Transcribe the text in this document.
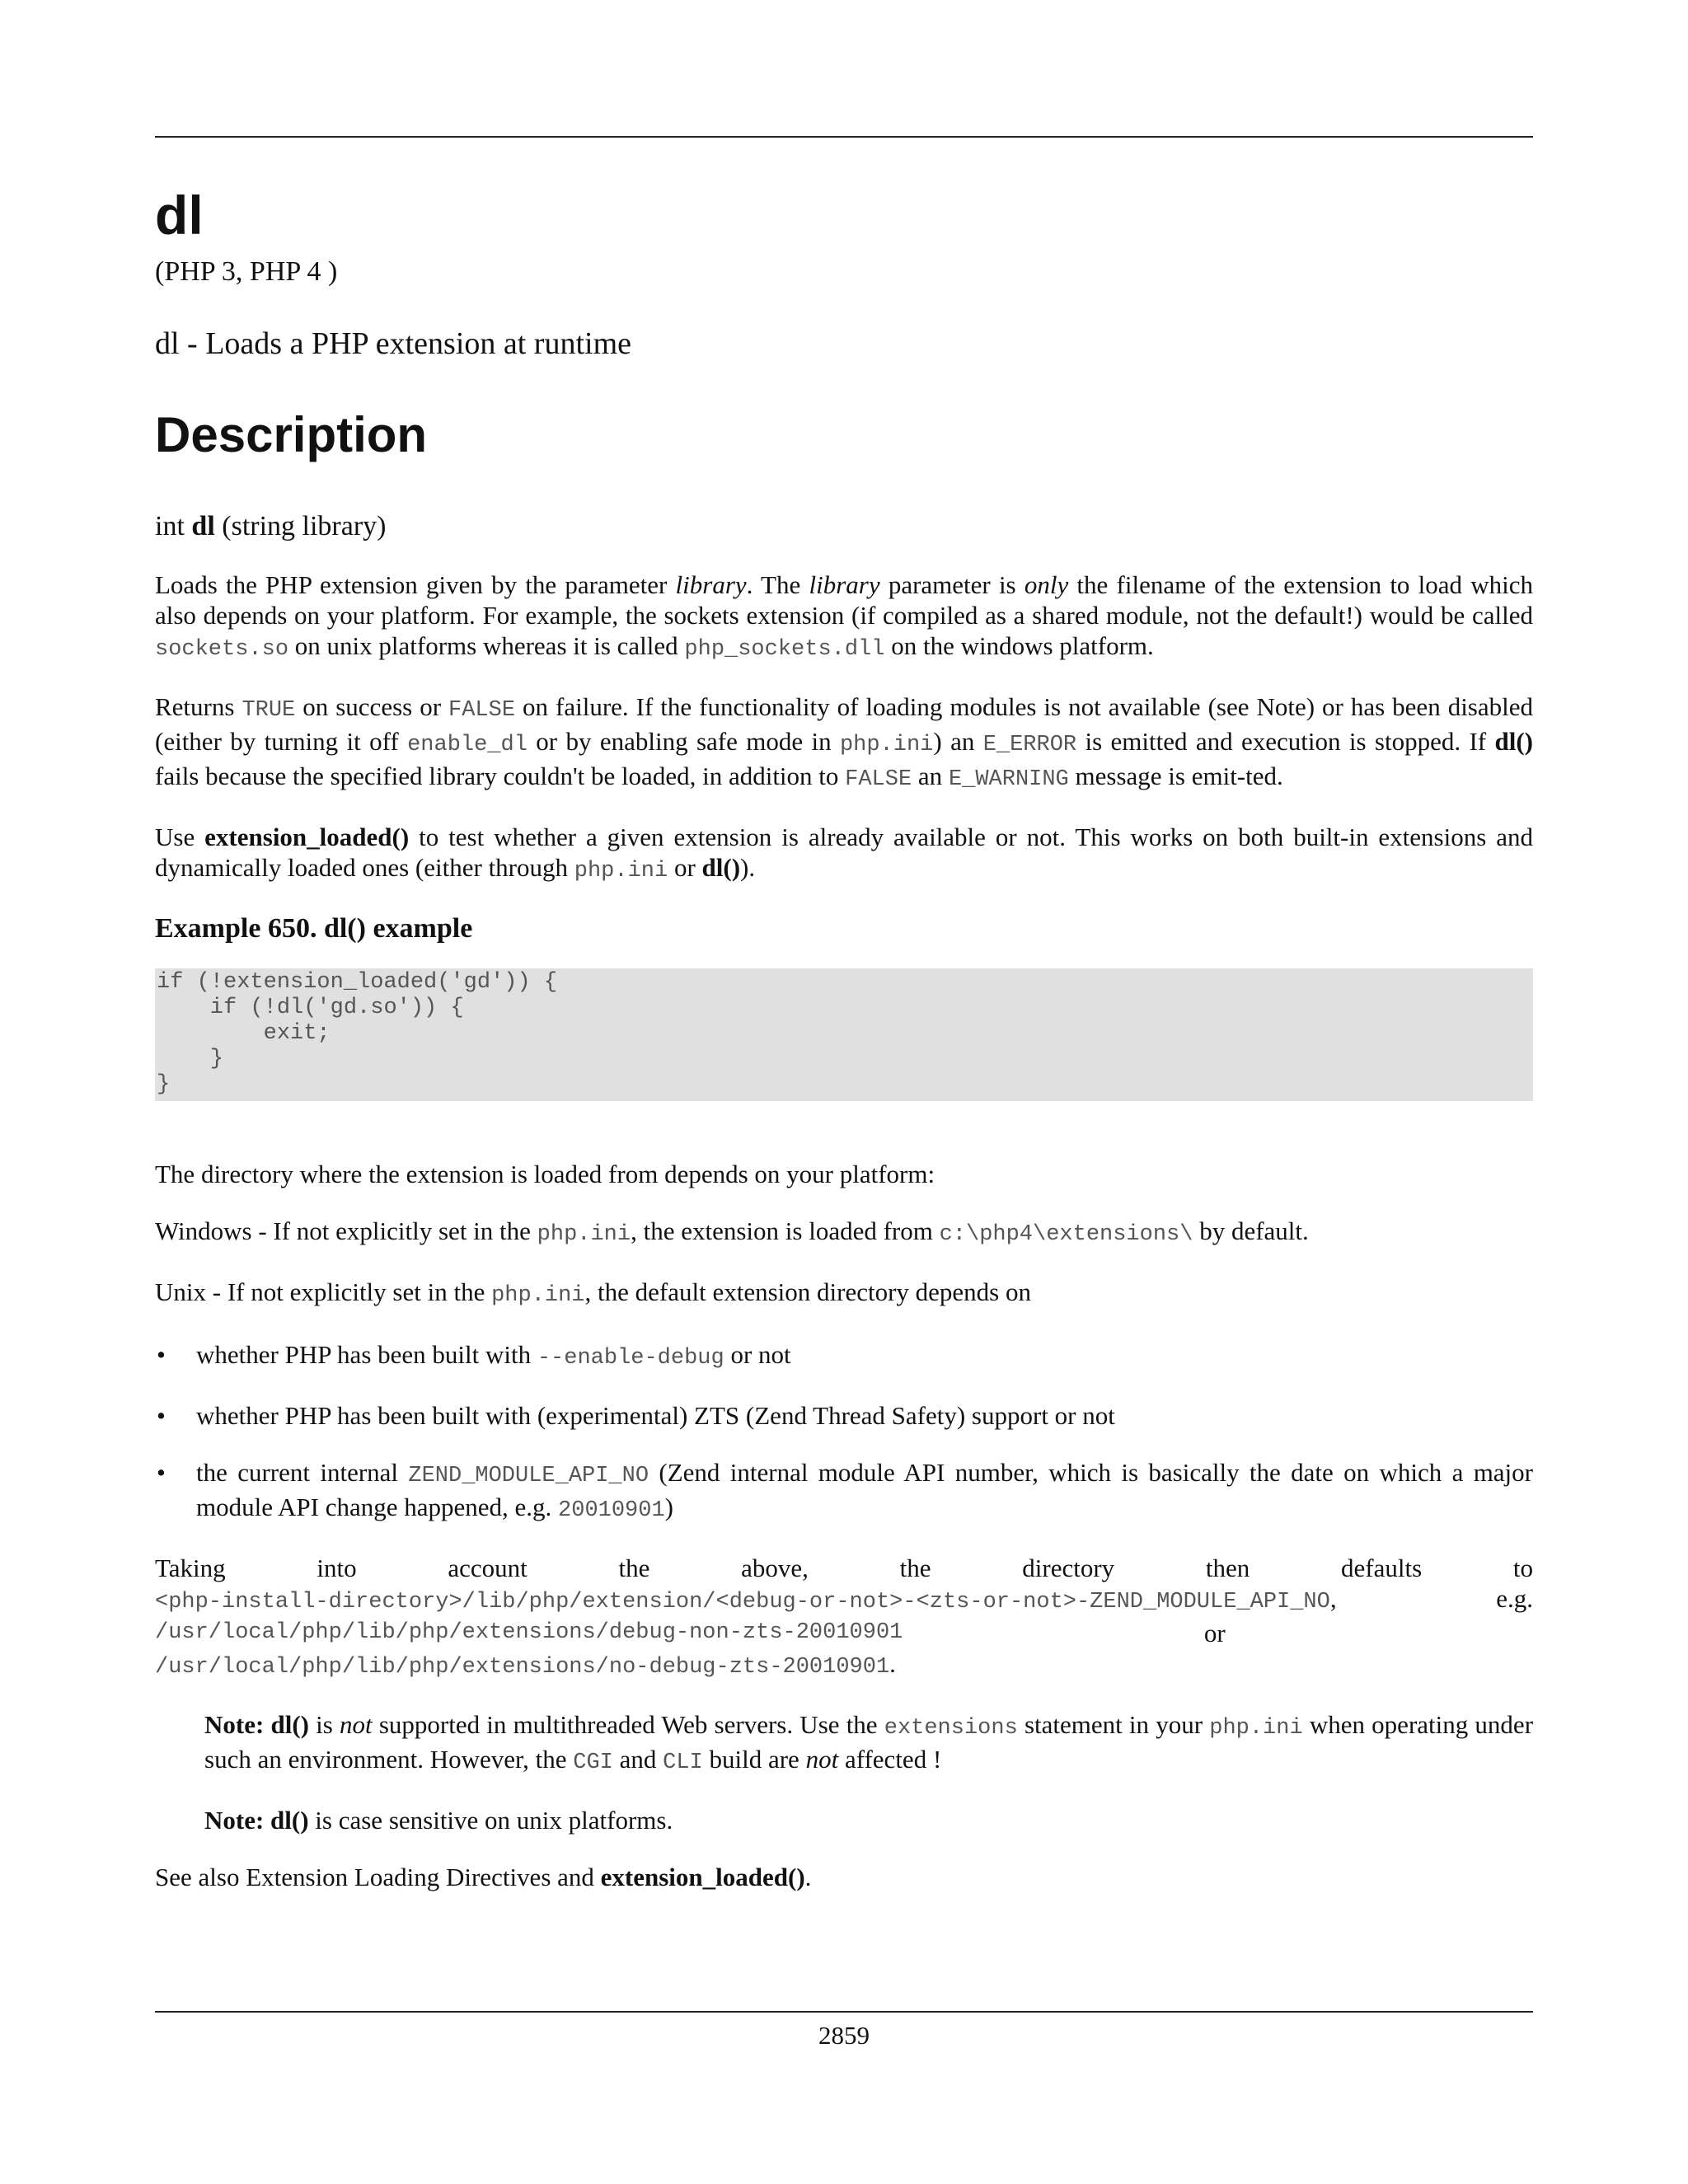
dl
(PHP 3, PHP 4 )
dl - Loads a PHP extension at runtime
Description

int dl (string library)

Loads the PHP extension given by the parameter library. The library parameter is only the filename of the extension to load which also depends on your platform. For example, the sockets extension (if compiled as a shared module, not the default!) would be called sockets.so on unix platforms whereas it is called php_sockets.dll on the windows platform.

Returns TRUE on success or FALSE on failure. If the functionality of loading modules is not available (see Note) or has been disabled (either by turning it off enable_dl or by enabling safe mode in php.ini) an E_ERROR is emitted and execution is stopped. If dl() fails because the specified library couldn't be loaded, in addition to FALSE an E_WARNING message is emit-ted.

Use extension_loaded() to test whether a given extension is already available or not. This works on both built-in extensions and dynamically loaded ones (either through php.ini or dl()).

Example 650. dl() example
if (!extension_loaded('gd')) {
if (!dl('gd.so')) {
exit;
}
}

The directory where the extension is loaded from depends on your platform:

Windows - If not explicitly set in the php.ini, the extension is loaded from c:\php4\extensions\ by default.

Unix - If not explicitly set in the php.ini, the default extension directory depends on

• whether PHP has been built with --enable-debug or not
• whether PHP has been built with (experimental) ZTS (Zend Thread Safety) support or not
• the current internal ZEND_MODULE_API_NO (Zend internal module API number, which is basically the date on which a major module API change happened, e.g. 20010901)

Taking into account the above, the directory then defaults to
<php-install-directory>/lib/php/extension/<debug-or-not>-<zts-or-not>-ZEND_MODULE_API_NO, e.g.
/usr/local/php/lib/php/extensions/debug-non-zts-20010901	or

/usr/local/php/lib/php/extensions/no-debug-zts-20010901.

Note: dl() is not supported in multithreaded Web servers. Use the extensions statement in your php.ini when operating under such an environment. However, the CGI and CLI build are not affected !

Note: dl() is case sensitive on unix platforms.

See also Extension Loading Directives and extension_loaded().

2859
